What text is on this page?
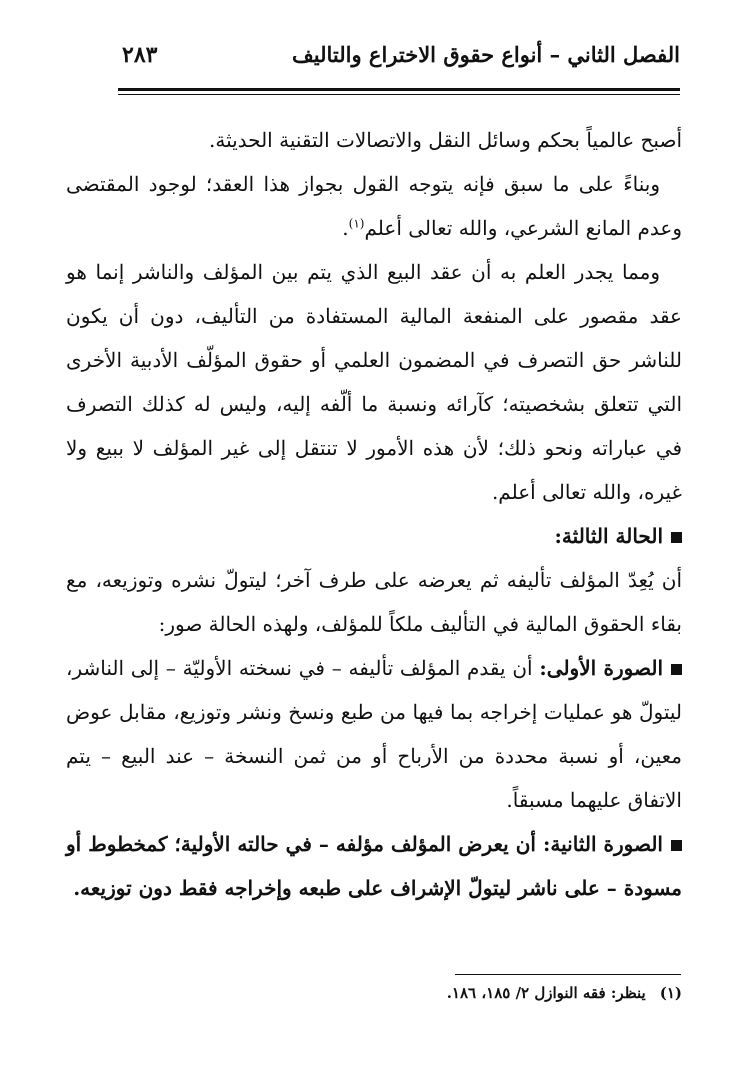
الفصل الثاني – أنواع حقوق الاختراع والتاليف
٢٨٣

أصبح عالمياً بحكم وسائل النقل والاتصالات التقنية الحديثة.

وبناءً على ما سبق فإنه يتوجه القول بجواز هذا العقد؛ لوجود المقتضى وعدم المانع الشرعي، والله تعالى أعلم$^{(١)}$.

ومما يجدر العلم به أن عقد البيع الذي يتم بين المؤلف والناشر إنما هو عقد مقصور على المنفعة المالية المستفادة من التأليف، دون أن يكون للناشر حق التصرف في المضمون العلمي أو حقوق المؤلّف الأدبية الأخرى التي تتعلق بشخصيته؛ كآرائه ونسبة ما ألّفه إليه، وليس له كذلك التصرف في عباراته ونحو ذلك؛ لأن هذه الأمور لا تنتقل إلى غير المؤلف لا ببيع ولا غيره، والله تعالى أعلم.

الحالة الثالثة:

أن يُعِدّ المؤلف تأليفه ثم يعرضه على طرف آخر؛ ليتولّ نشره وتوزيعه، مع بقاء الحقوق المالية في التأليف ملكاً للمؤلف، ولهذه الحالة صور:

الصورة الأولى: أن يقدم المؤلف تأليفه – في نسخته الأوليّة – إلى الناشر، ليتولّ هو عمليات إخراجه بما فيها من طبع ونسخ ونشر وتوزيع، مقابل عوض معين، أو نسبة محددة من الأرباح أو من ثمن النسخة – عند البيع – يتم الاتفاق عليهما مسبقاً.

الصورة الثانية: أن يعرض المؤلف مؤلفه – في حالته الأولية؛ كمخطوط أو مسودة – على ناشر ليتولّ الإشراف على طبعه وإخراجه فقط دون توزيعه.

(١)ينظر: فقه النوازل ٢/ ١٨٥، ١٨٦.
